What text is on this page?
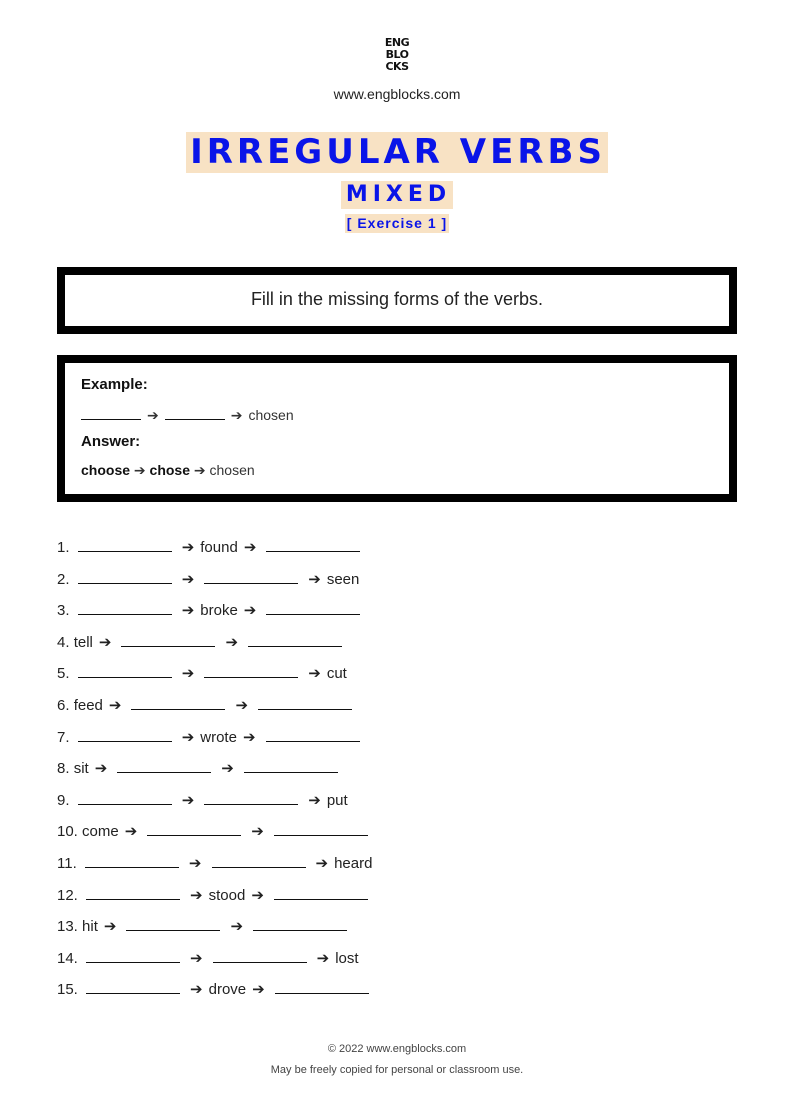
ENG
BLO
CKS
www.engblocks.com
IRREGULAR VERBS
MIXED
[ Exercise 1 ]
Fill in the missing forms of the verbs.
Example:
➔	➔ chosen
Answer:
choose ➔ chose ➔ chosen
1.	➔ found ➔
2.	➔	➔ seen
3.	➔ broke ➔
4. tell ➔	➔
5.	➔	➔ cut
6. feed ➔	➔
7.	➔ wrote ➔
8. sit ➔	➔
9.	➔	➔ put
10. come ➔	➔
11.	➔	➔ heard
12.	➔ stood ➔
13. hit ➔	➔
14.	➔	➔ lost
15.	➔ drove ➔
© 2022 www.engblocks.com
May be freely copied for personal or classroom use.
